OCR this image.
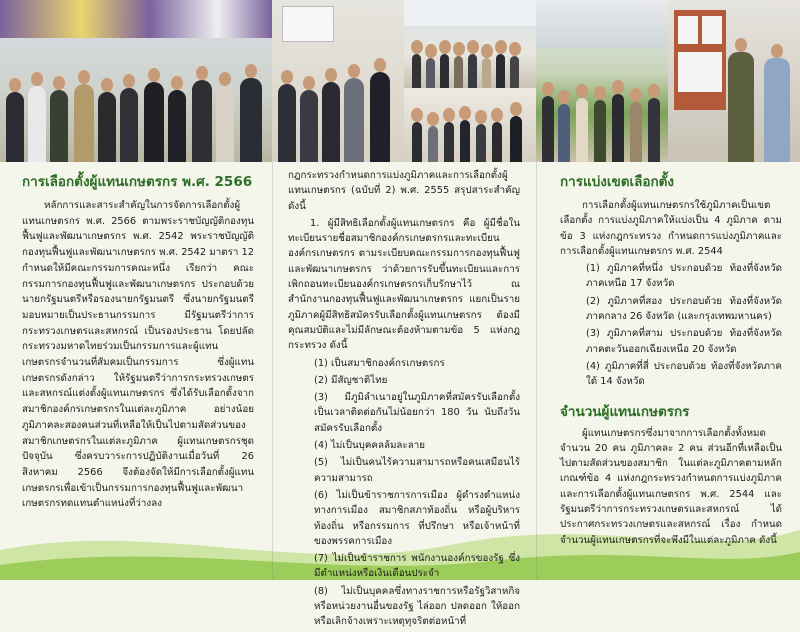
การเลือกตั้งผู้แทนเกษตรกร พ.ศ. 2566

หลักการและสาระสำคัญในการจัดการเลือกตั้งผู้แทนเกษตรกร พ.ศ. 2566 ตามพระราชบัญญัติกองทุนฟื้นฟูและพัฒนาเกษตรกร พ.ศ. 2542 พระราชบัญญัติกองทุนฟื้นฟูและพัฒนาเกษตรกร พ.ศ. 2542 มาตรา 12 กำหนดให้มีคณะกรรมการคณะหนึ่ง เรียกว่า คณะกรรมการกองทุนฟื้นฟูและพัฒนาเกษตรกร ประกอบด้วย นายกรัฐมนตรีหรือรองนายกรัฐมนตรี ซึ่งนายกรัฐมนตรีมอบหมายเป็นประธานกรรมการ มีรัฐมนตรีว่าการกระทรวงเกษตรและสหกรณ์ เป็นรองประธาน โดยปลัดกระทรวงมหาดไทยร่วมเป็นกรรมการและผู้แทนเกษตรกรจำนวนที่สัมคมเป็นกรรมการ ซึ่งผู้แทนเกษตรกรดังกล่าว ให้รัฐมนตรีว่าการกระทรวงเกษตรและสหกรณ์แต่งตั้งผู้แทนเกษตรกร ซึ่งได้รับเลือกตั้งจากสมาชิกองค์กรเกษตรกรในแต่ละภูมิภาค อย่างน้อยภูมิภาคละสองคนส่วนที่เหลือให้เป็นไปตามสัดส่วนของสมาชิกเกษตรกรในแต่ละภูมิภาค ผู้แทนเกษตรกรชุดปัจจุบัน ซึ่งครบวาระการปฏิบัติงานเมื่อวันที่ 26 สิงหาคม 2566 จึงต้องจัดให้มีการเลือกตั้งผู้แทนเกษตรกรเพื่อเข้าเป็นกรรมการกองทุนฟื้นฟูและพัฒนาเกษตรกรทดแทนตำแหน่งที่ว่างลง

กฎกระทรวงกำหนดการแบ่งภูมิภาคและการเลือกตั้งผู้แทนเกษตรกร (ฉบับที่ 2) พ.ศ. 2555 สรุปสาระสำคัญดังนี้

1. ผู้มีสิทธิเลือกตั้งผู้แทนเกษตรกร คือ ผู้มีชื่อในทะเบียนรายชื่อสมาชิกองค์กรเกษตรกรและทะเบียนองค์กรเกษตรกร ตามระเบียบคณะกรรมการกองทุนฟื้นฟูและพัฒนาเกษตรกร ว่าด้วยการรับขึ้นทะเบียนและการเพิกถอนทะเบียนองค์กรเกษตรกรเก็บรักษาไว้ ณ สำนักงานกองทุนฟื้นฟูและพัฒนาเกษตรกร แยกเป็นรายภูมิภาคผู้มีสิทธิสมัครรับเลือกตั้งผู้แทนเกษตรกร ต้องมีคุณสมบัติและไม่มีลักษณะต้องห้ามตามข้อ 5 แห่งกฎกระทรวง ดังนี้

(1) เป็นสมาชิกองค์กรเกษตรกร

(2) มีสัญชาติไทย

(3) มีภูมิลำเนาอยู่ในภูมิภาคที่สมัครรับเลือกตั้ง เป็นเวลาติดต่อกันไม่น้อยกว่า 180 วัน นับถึงวันสมัครรับเลือกตั้ง

(4) ไม่เป็นบุคคลล้มละลาย

(5) ไม่เป็นคนไร้ความสามารถหรือคนเสมือนไร้ความสามารถ

(6) ไม่เป็นข้าราชการการเมือง ผู้ดำรงตำแหน่งทางการเมือง สมาชิกสภาท้องถิ่น หรือผู้บริหารท้องถิ่น หรือกรรมการ ที่ปรึกษา หรือเจ้าหน้าที่ของพรรคการเมือง

(7) ไม่เป็นข้าราชการ พนักงานองค์กรของรัฐ ซึ่งมีตำแหน่งหรือเงินเดือนประจำ

(8) ไม่เป็นบุคคลซึ่งทางราชการหรือรัฐวิสาหกิจ หรือหน่วยงานอื่นของรัฐ ไล่ออก ปลดออก ให้ออกหรือเลิกจ้างเพราะเหตุทุจริตต่อหน้าที่

การแบ่งเขตเลือกตั้ง

การเลือกตั้งผู้แทนเกษตรกรใช้ภูมิภาคเป็นเขตเลือกตั้ง การแบ่งภูมิภาคให้แบ่งเป็น 4 ภูมิภาค ตามข้อ 3 แห่งกฎกระทรวง กำหนดการแบ่งภูมิภาคและการเลือกตั้งผู้แทนเกษตรกร พ.ศ. 2544

(1) ภูมิภาคที่หนึ่ง ประกอบด้วย ท้องที่จังหวัดภาคเหนือ 17 จังหวัด

(2) ภูมิภาคที่สอง ประกอบด้วย ท้องที่จังหวัดภาคกลาง 26 จังหวัด (และกรุงเทพมหานคร)

(3) ภูมิภาคที่สาม ประกอบด้วย ท้องที่จังหวัดภาคตะวันออกเฉียงเหนือ 20 จังหวัด

(4) ภูมิภาคที่สี่ ประกอบด้วย ท้องที่จังหวัดภาคใต้ 14 จังหวัด

จำนวนผู้แทนเกษตรกร

ผู้แทนเกษตรกรซึ่งมาจากการเลือกตั้งทั้งหมดจำนวน 20 คน ภูมิภาคละ 2 คน ส่วนอีกที่เหลือเป็นไปตามสัดส่วนของสมาชิก ในแต่ละภูมิภาคตามหลักเกณฑ์ข้อ 4 แห่งกฎกระทรวงกำหนดการแบ่งภูมิภาค และการเลือกตั้งผู้แทนเกษตรกร พ.ศ. 2544 และรัฐมนตรีว่าการกระทรวงเกษตรและสหกรณ์ ได้ประกาศกระทรวงเกษตรและสหกรณ์ เรื่อง กำหนดจำนวนผู้แทนเกษตรกรที่จะพึงมีในแต่ละภูมิภาค ดังนี้
